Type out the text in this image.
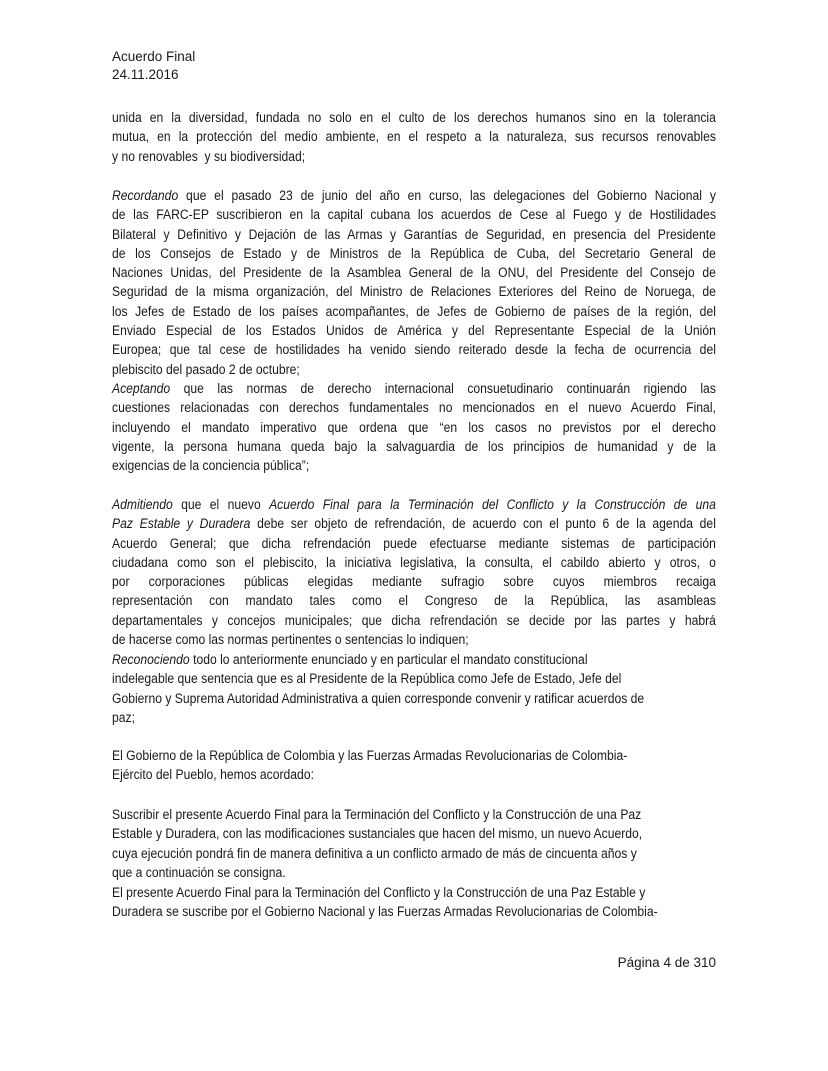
Acuerdo Final
24.11.2016
unida en la diversidad, fundada no solo en el culto de los derechos humanos sino en la tolerancia
mutua, en la protección del medio ambiente, en el respeto a la naturaleza, sus recursos renovables
y no renovables  y su biodiversidad;
Recordando que el pasado 23 de junio del año en curso, las delegaciones del Gobierno Nacional y
de las FARC-EP suscribieron en la capital cubana los acuerdos de Cese al Fuego y de Hostilidades
Bilateral y Definitivo y Dejación de las Armas y Garantías de Seguridad, en presencia del Presidente
de los Consejos de Estado y de Ministros de la República de Cuba, del Secretario General de
Naciones Unidas, del Presidente de la Asamblea General de la ONU, del Presidente del Consejo de
Seguridad de la misma organización, del Ministro de Relaciones Exteriores del Reino de Noruega, de
los Jefes de Estado de los países acompañantes, de Jefes de Gobierno de países de la región, del
Enviado Especial de los Estados Unidos de América y del Representante Especial de la Unión
Europea; que tal cese de hostilidades ha venido siendo reiterado desde la fecha de ocurrencia del
plebiscito del pasado 2 de octubre;
Aceptando que las normas de derecho internacional consuetudinario continuarán rigiendo las
cuestiones relacionadas con derechos fundamentales no mencionados en el nuevo Acuerdo Final,
incluyendo el mandato imperativo que ordena que “en los casos no previstos por el derecho
vigente, la persona humana queda bajo la salvaguardia de los principios de humanidad y de la
exigencias de la conciencia pública”;
Admitiendo que el nuevo Acuerdo Final para la Terminación del Conflicto y la Construcción de una
Paz Estable y Duradera debe ser objeto de refrendación, de acuerdo con el punto 6 de la agenda del
Acuerdo General; que dicha refrendación puede efectuarse mediante sistemas de participación
ciudadana como son el plebiscito, la iniciativa legislativa, la consulta, el cabildo abierto y otros, o
por corporaciones públicas elegidas mediante sufragio sobre cuyos miembros recaiga
representación con mandato tales como el Congreso de la República, las asambleas
departamentales y concejos municipales; que dicha refrendación se decide por las partes y habrá
de hacerse como las normas pertinentes o sentencias lo indiquen;
Reconociendo todo lo anteriormente enunciado y en particular el mandato constitucional
indelegable que sentencia que es al Presidente de la República como Jefe de Estado, Jefe del
Gobierno y Suprema Autoridad Administrativa a quien corresponde convenir y ratificar acuerdos de
paz;
El Gobierno de la República de Colombia y las Fuerzas Armadas Revolucionarias de Colombia-
Ejército del Pueblo, hemos acordado:
Suscribir el presente Acuerdo Final para la Terminación del Conflicto y la Construcción de una Paz
Estable y Duradera, con las modificaciones sustanciales que hacen del mismo, un nuevo Acuerdo,
cuya ejecución pondrá fin de manera definitiva a un conflicto armado de más de cincuenta años y
que a continuación se consigna.
El presente Acuerdo Final para la Terminación del Conflicto y la Construcción de una Paz Estable y
Duradera se suscribe por el Gobierno Nacional y las Fuerzas Armadas Revolucionarias de Colombia-
Página 4 de 310
